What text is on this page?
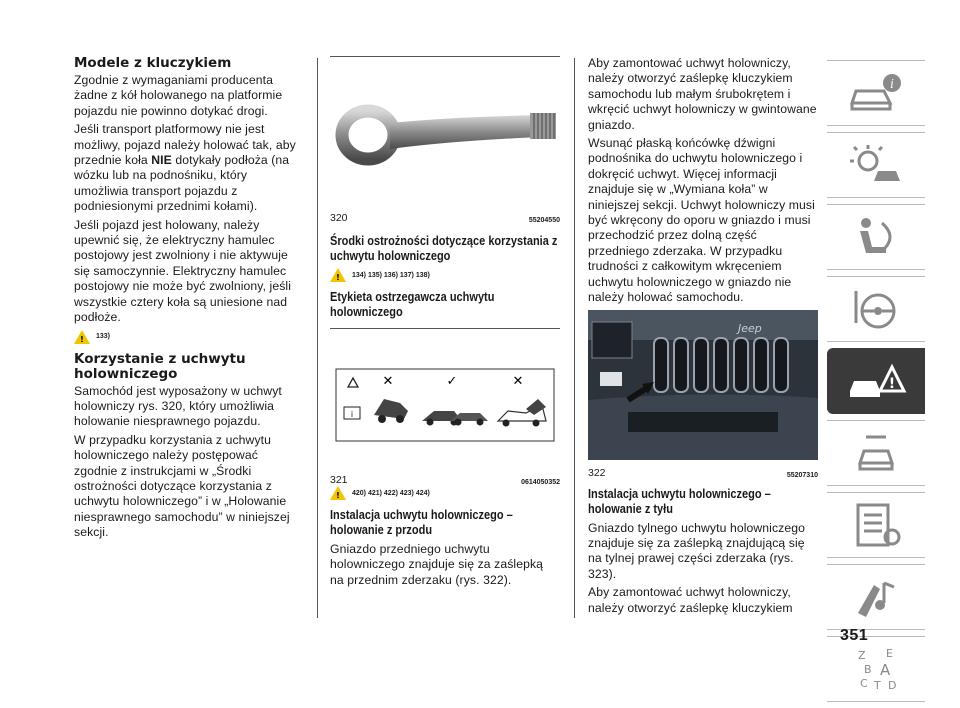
Modele z kluczykiem

Zgodnie z wymaganiami producenta żadne z kół holowanego na platformie pojazdu nie powinno dotykać drogi.

Jeśli transport platformowy nie jest możliwy, pojazd należy holować tak, aby przednie koła NIE dotykały podłoża (na wózku lub na podnośniku, który umożliwia transport pojazdu z podniesionymi przednimi kołami).

Jeśli pojazd jest holowany, należy upewnić się, że elektryczny hamulec postojowy jest zwolniony i nie aktywuje się samoczynnie. Elektryczny hamulec postojowy nie może być zwolniony, jeśli wszystkie cztery koła są uniesione nad podłoże.

! 133)
Korzystanie z uchwytu holowniczego

Samochód jest wyposażony w uchwyt holowniczy rys. 320, który umożliwia holowanie niesprawnego pojazdu.

W przypadku korzystania z uchwytu holowniczego należy postępować zgodnie z instrukcjami w „Środki ostrożności dotyczące korzystania z uchwytu holowniczego” i w „Holowanie niesprawnego samochodu” w niniejszej sekcji.

320	55204550
Środki ostrożności dotyczące korzystania z uchwytu holowniczego
! 134) 135) 136) 137) 138)
Etykieta ostrzegawcza uchwytu holowniczego
i
✕	✓	✕
321	0614050352
! 420) 421) 422) 423) 424)
Instalacja uchwytu holowniczego – holowanie z przodu

Gniazdo przedniego uchwytu holowniczego znajduje się za zaślepką na przednim zderzaku (rys. 322).

Aby zamontować uchwyt holowniczy, należy otworzyć zaślepkę kluczykiem samochodu lub małym śrubokrętem i wkręcić uchwyt holowniczy w gwintowane gniazdo.

Wsunąć płaską końcówkę dźwigni podnośnika do uchwytu holowniczego i dokręcić uchwyt. Więcej informacji znajduje się w „Wymiana koła” w niniejszej sekcji. Uchwyt holowniczy musi być wkręcony do oporu w gniazdo i musi przechodzić przez dolną część przedniego zderzaka. W przypadku trudności z całkowitym wkręceniem uchwytu holowniczego w gniazdo nie należy holować samochodu.

Jeep
322	55207310
Instalacja uchwytu holowniczego – holowanie z tyłu

Gniazdo tylnego uchwytu holowniczego znajduje się za zaślepką znajdującą się na tylnej prawej części zderzaka (rys. 323).

Aby zamontować uchwyt holowniczy, należy otworzyć zaślepkę kluczykiem

i
!
Z E
B A
C T D
351
